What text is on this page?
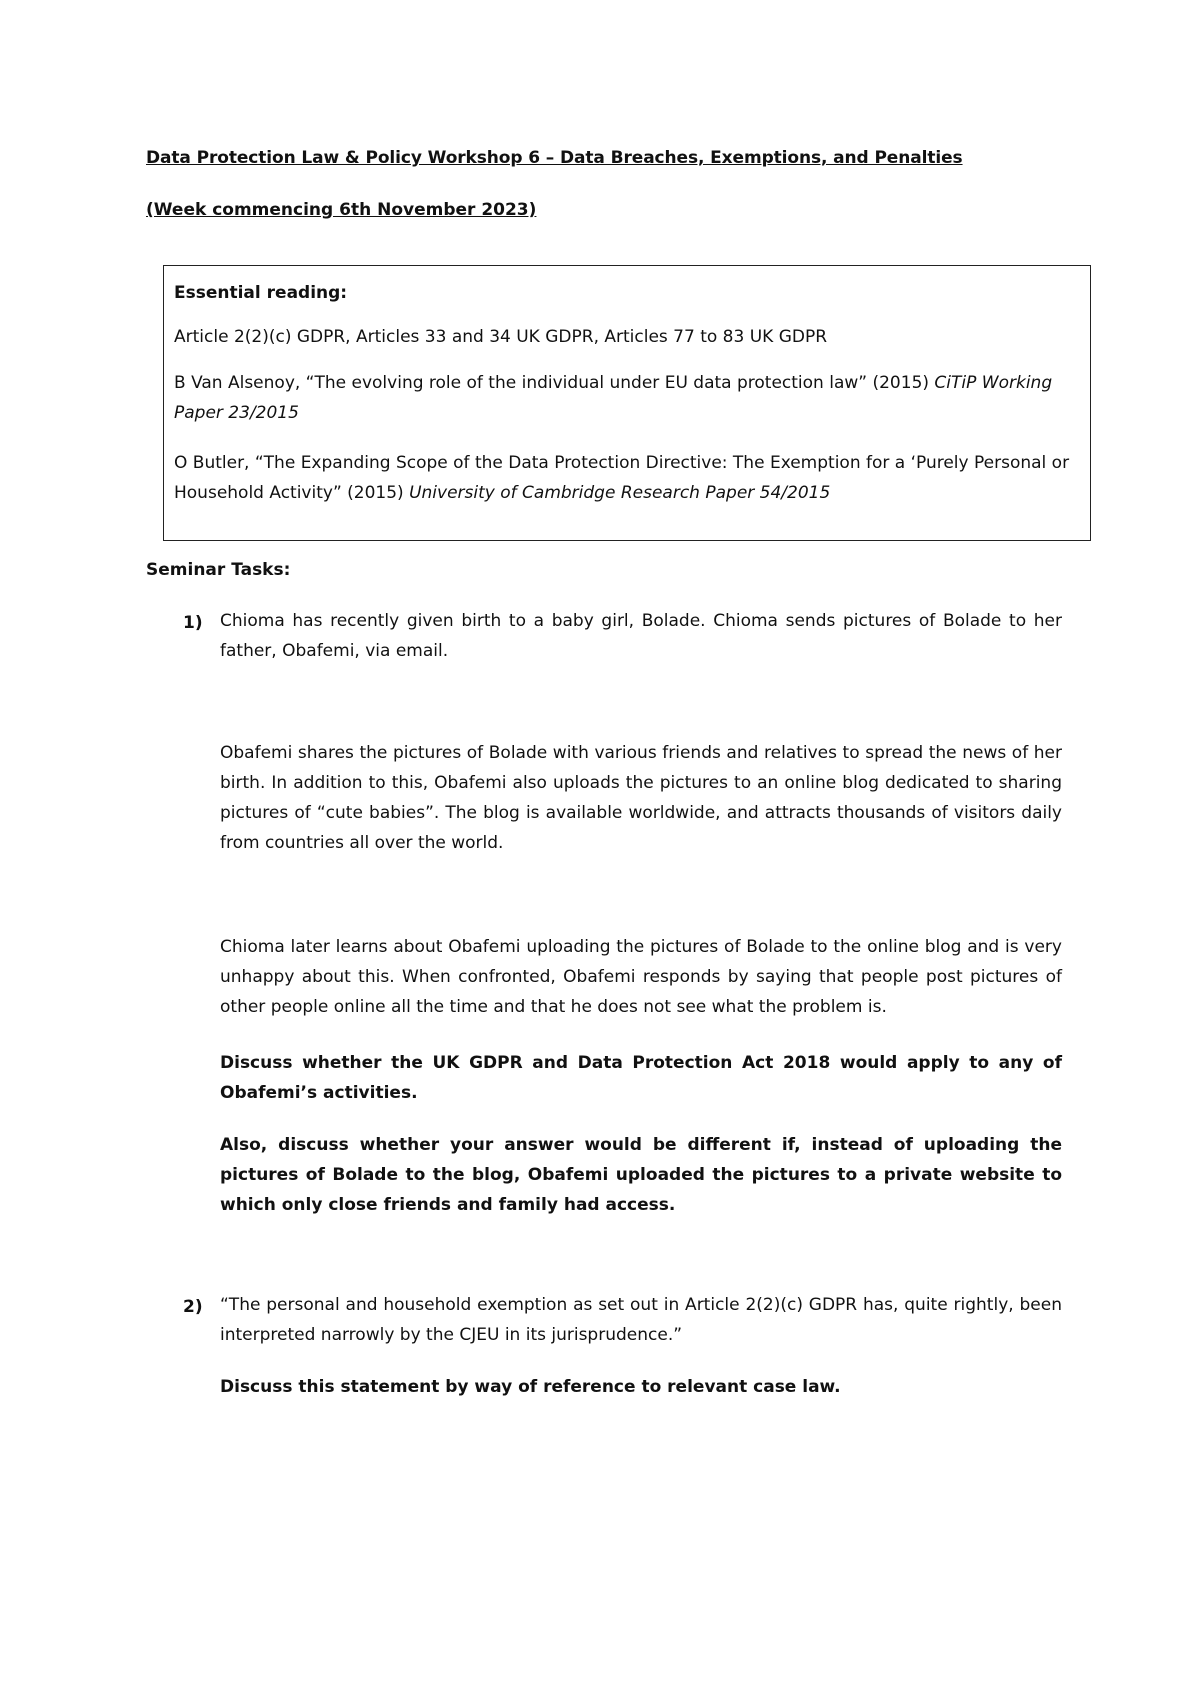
Data Protection Law & Policy Workshop 6 – Data Breaches, Exemptions, and Penalties
(Week commencing 6th November 2023)

Essential reading:

Article 2(2)(c) GDPR, Articles 33 and 34 UK GDPR, Articles 77 to 83 UK GDPR

B Van Alsenoy, “The evolving role of the individual under EU data protection law” (2015) CiTiP Working Paper 23/2015

O Butler, “The Expanding Scope of the Data Protection Directive: The Exemption for a ‘Purely Personal or Household Activity” (2015) University of Cambridge Research Paper 54/2015

Seminar Tasks:
1) Chioma has recently given birth to a baby girl, Bolade. Chioma sends pictures of Bolade to her father, Obafemi, via email.
Obafemi shares the pictures of Bolade with various friends and relatives to spread the news of her birth. In addition to this, Obafemi also uploads the pictures to an online blog dedicated to sharing pictures of “cute babies”. The blog is available worldwide, and attracts thousands of visitors daily from countries all over the world.
Chioma later learns about Obafemi uploading the pictures of Bolade to the online blog and is very unhappy about this. When confronted, Obafemi responds by saying that people post pictures of other people online all the time and that he does not see what the problem is.
Discuss whether the UK GDPR and Data Protection Act 2018 would apply to any of Obafemi’s activities.
Also, discuss whether your answer would be different if, instead of uploading the pictures of Bolade to the blog, Obafemi uploaded the pictures to a private website to which only close friends and family had access.
2) “The personal and household exemption as set out in Article 2(2)(c) GDPR has, quite rightly, been interpreted narrowly by the CJEU in its jurisprudence.”
Discuss this statement by way of reference to relevant case law.
